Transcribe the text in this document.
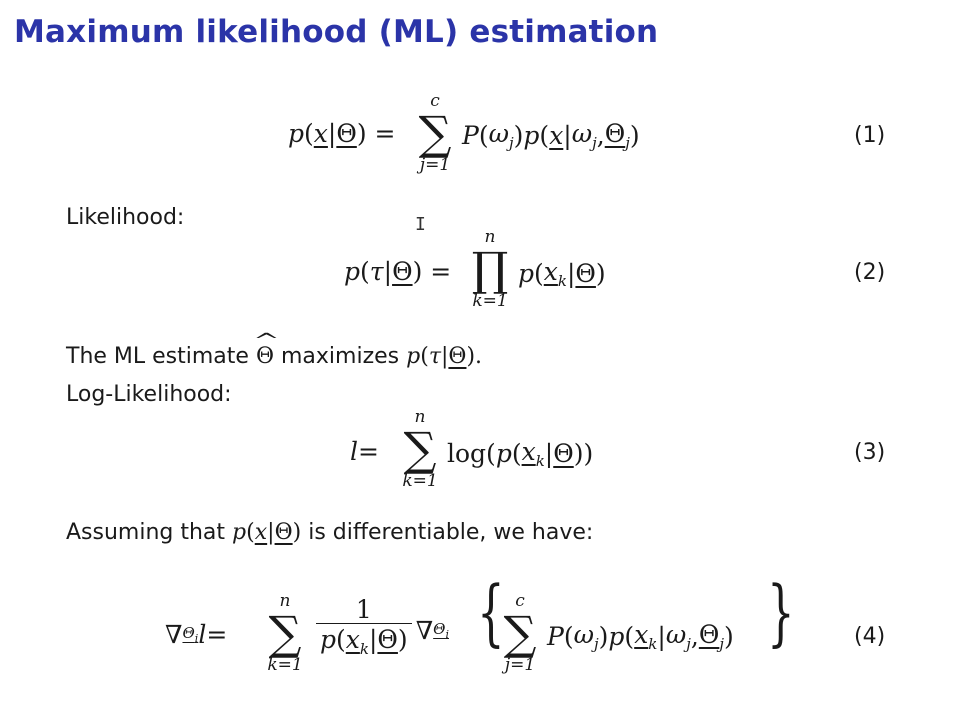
Maximum likelihood (ML) estimation
p ( x | Θ ) =
c
∑
j=1
P ( $\omega_j$ ) p ( x | $\omega_j$ , $\Theta_j$ )	(1)
Likelihood:	I
p ( τ | Θ ) =
n
∏
k=1
p ( $x_k$ | Θ )	(2)
The ML estimate

^ Θ
maximizes
p(τ|Θ).
Log-Likelihood:
l =
n
∑
k=1
log( p ( $x_k$ | Θ ))	(3)
Assuming that
p(x|Θ)
is differentiable, we have:
∇ $\Theta_i$ l =
n
∑
k=1
$\frac{1}{p(x_k|\Theta)}$ ∇ $\Theta_i$ { c
∑
j=1
P ( $\omega_j$ ) p ( $x_k$ | $\omega_j$ , $\Theta_j$ ) }	(4)
